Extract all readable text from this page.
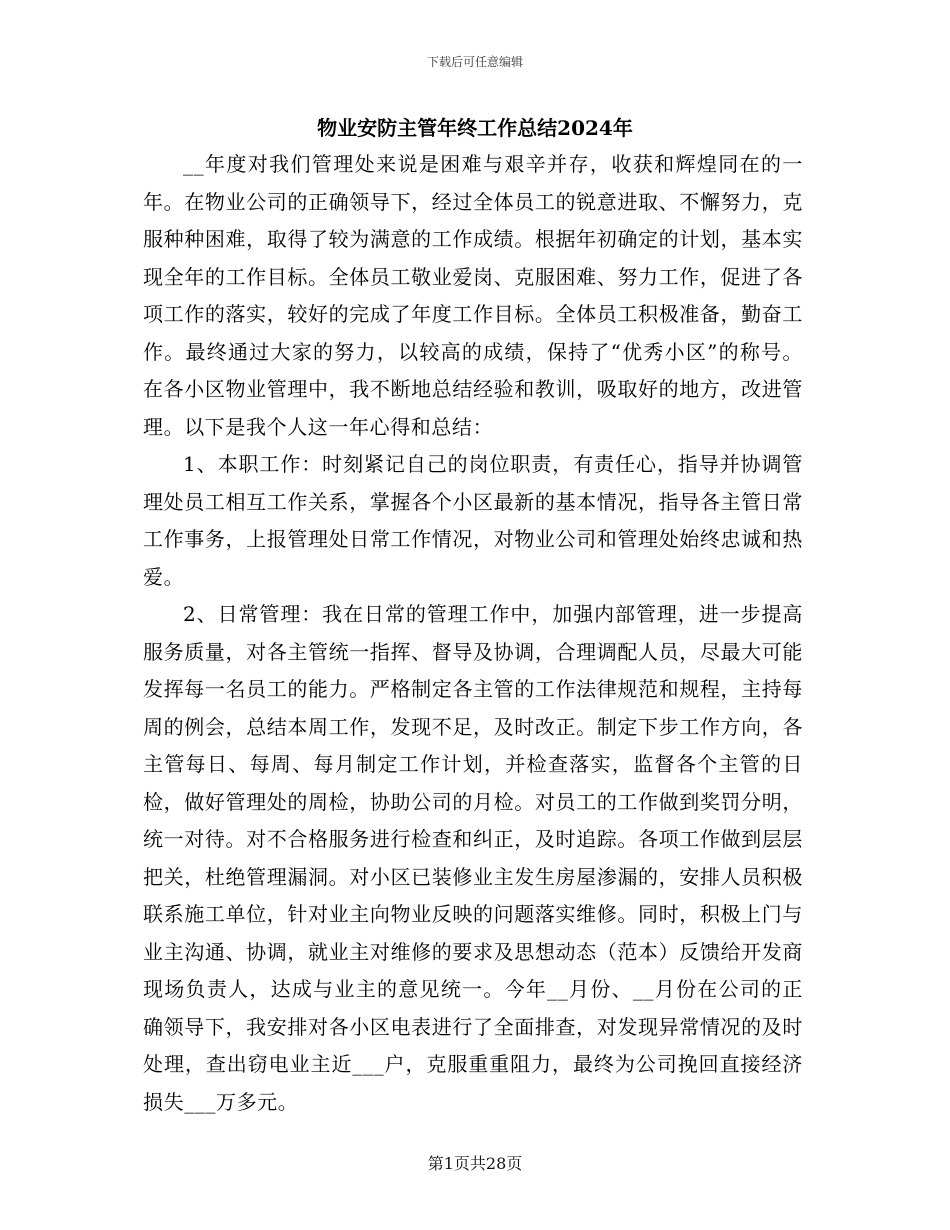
下载后可任意编辑
物业安防主管年终工作总结2024年

__年度对我们管理处来说是困难与艰辛并存，收获和辉煌同在的一年。在物业公司的正确领导下，经过全体员工的锐意进取、不懈努力，克服种种困难，取得了较为满意的工作成绩。根据年初确定的计划，基本实现全年的工作目标。全体员工敬业爱岗、克服困难、努力工作，促进了各项工作的落实，较好的完成了年度工作目标。全体员工积极准备，勤奋工作。最终通过大家的努力，以较高的成绩，保持了“优秀小区”的称号。在各小区物业管理中，我不断地总结经验和教训，吸取好的地方，改进管理。以下是我个人这一年心得和总结：

1、本职工作：时刻紧记自己的岗位职责，有责任心，指导并协调管理处员工相互工作关系，掌握各个小区最新的基本情况，指导各主管日常工作事务，上报管理处日常工作情况，对物业公司和管理处始终忠诚和热爱。

2、日常管理：我在日常的管理工作中，加强内部管理，进一步提高服务质量，对各主管统一指挥、督导及协调，合理调配人员，尽最大可能发挥每一名员工的能力。严格制定各主管的工作法律规范和规程，主持每周的例会，总结本周工作，发现不足，及时改正。制定下步工作方向，各主管每日、每周、每月制定工作计划，并检查落实，监督各个主管的日检，做好管理处的周检，协助公司的月检。对员工的工作做到奖罚分明，统一对待。对不合格服务进行检查和纠正，及时追踪。各项工作做到层层把关，杜绝管理漏洞。对小区已装修业主发生房屋渗漏的，安排人员积极联系施工单位，针对业主向物业反映的问题落实维修。同时，积极上门与业主沟通、协调，就业主对维修的要求及思想动态（范本）反馈给开发商现场负责人，达成与业主的意见统一。今年__月份、__月份在公司的正确领导下，我安排对各小区电表进行了全面排查，对发现异常情况的及时处理，查出窃电业主近___户，克服重重阻力，最终为公司挽回直接经济损失___万多元。

第1页共28页
